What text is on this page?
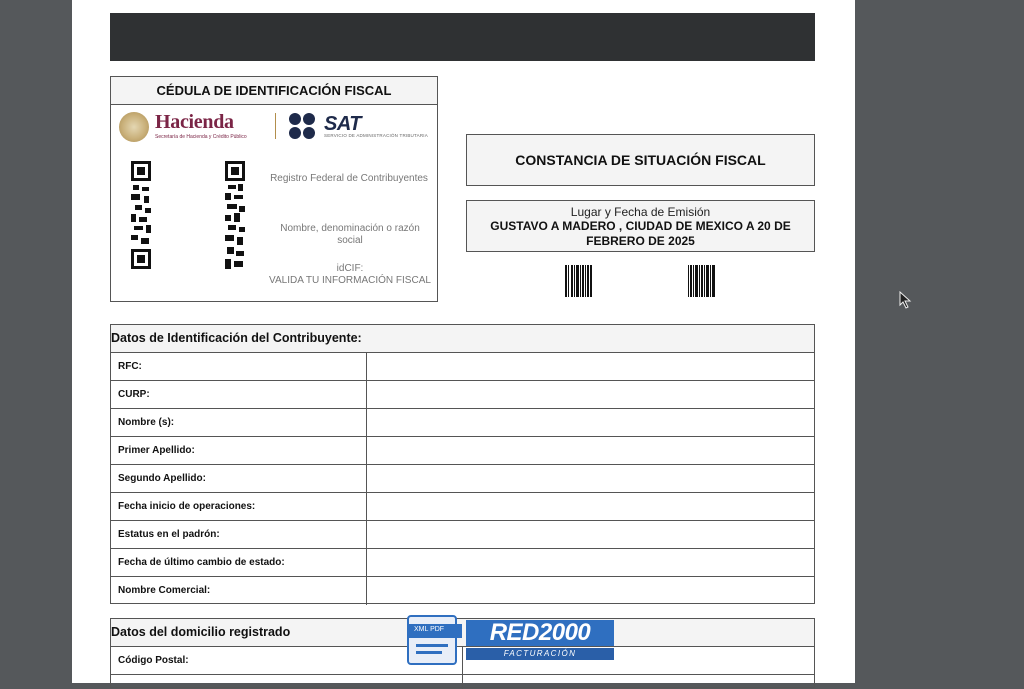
CÉDULA DE IDENTIFICACIÓN FISCAL
Hacienda
Secretaría de Hacienda y Crédito Público
SAT
SERVICIO DE ADMINISTRACIÓN TRIBUTARIA
Registro Federal de Contribuyentes
Nombre, denominación o razón social
idCIF:
VALIDA TU INFORMACIÓN FISCAL
CONSTANCIA DE SITUACIÓN FISCAL
Lugar y Fecha de Emisión
GUSTAVO A MADERO , CIUDAD DE MEXICO A 20 DE FEBRERO DE 2025
Datos de Identificación del Contribuyente:
RFC:
CURP:
Nombre (s):
Primer Apellido:
Segundo Apellido:
Fecha inicio de operaciones:
Estatus en el padrón:
Fecha de último cambio de estado:
Nombre Comercial:
Datos del domicilio registrado
Código Postal:
XML PDF	RED2000
FACTURACIÓN ELECTRÓNICA
